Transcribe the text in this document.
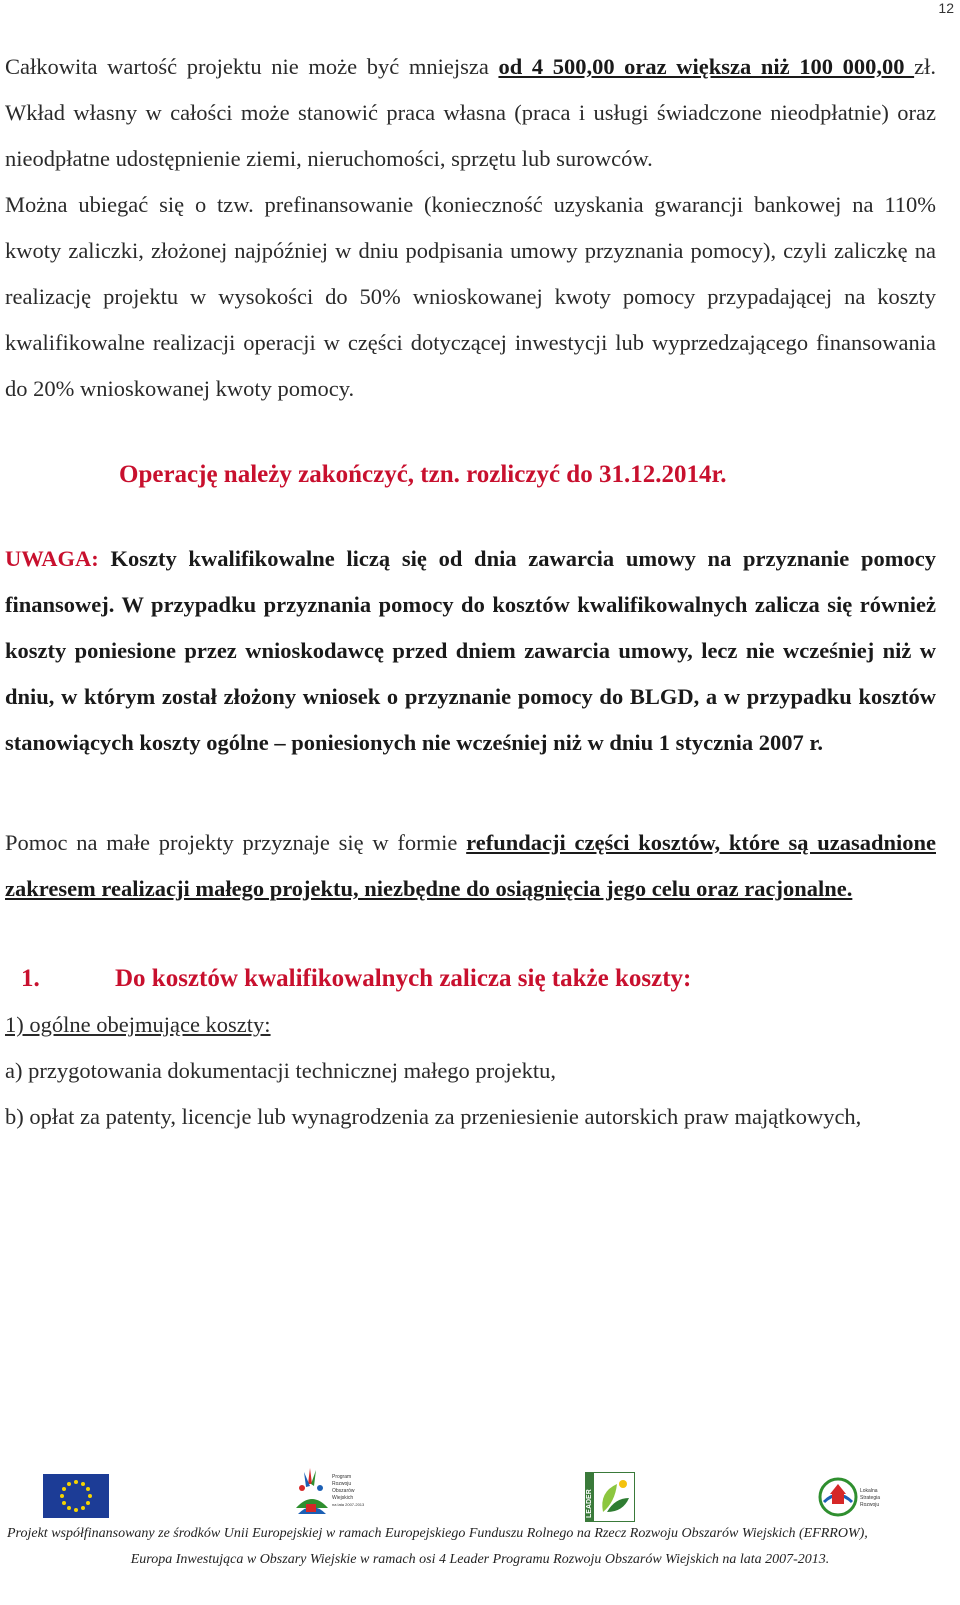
12

Całkowita wartość projektu nie może być mniejsza od 4 500,00 oraz większa niż 100 000,00 zł. Wkład własny w całości może stanowić praca własna (praca i usługi świadczone nieodpłatnie) oraz nieodpłatne udostępnienie ziemi, nieruchomości, sprzętu lub surowców.

Można ubiegać się o tzw. prefinansowanie (konieczność uzyskania gwarancji bankowej na 110% kwoty zaliczki, złożonej najpóźniej w dniu podpisania umowy przyznania pomocy), czyli zaliczkę na realizację projektu w wysokości do 50% wnioskowanej kwoty pomocy przypadającej na koszty kwalifikowalne realizacji operacji w części dotyczącej inwestycji lub wyprzedzającego finansowania do 20% wnioskowanej kwoty pomocy.

Operację należy zakończyć, tzn. rozliczyć do 31.12.2014r.

UWAGA: Koszty kwalifikowalne liczą się od dnia zawarcia umowy na przyznanie pomocy finansowej. W przypadku przyznania pomocy do kosztów kwalifikowalnych zalicza się również koszty poniesione przez wnioskodawcę przed dniem zawarcia umowy, lecz nie wcześniej niż w dniu, w którym został złożony wniosek o przyznanie pomocy do BLGD, a w przypadku kosztów stanowiących koszty ogólne – poniesionych nie wcześniej niż w dniu 1 stycznia 2007 r.

Pomoc na małe projekty przyznaje się w formie refundacji części kosztów, które są uzasadnione zakresem realizacji małego projektu, niezbędne do osiągnięcia jego celu oraz racjonalne.

1.	Do kosztów kwalifikowalnych zalicza się także koszty:

1) ogólne obejmujące koszty:

a) przygotowania dokumentacji technicznej małego projektu,

b) opłat za patenty, licencje lub wynagrodzenia za przeniesienie autorskich praw majątkowych,

Program
Rozwoju
Obszarów
Wiejskich
na lata 2007-2013	LEADER	Lokalna
Strategia
Rozwoju
Projekt współfinansowany ze środków Unii Europejskiej w ramach Europejskiego Funduszu Rolnego na Rzecz Rozwoju Obszarów Wiejskich (EFRROW),
Europa Inwestująca w Obszary Wiejskie w ramach osi 4 Leader Programu Rozwoju Obszarów Wiejskich na lata 2007-2013.
